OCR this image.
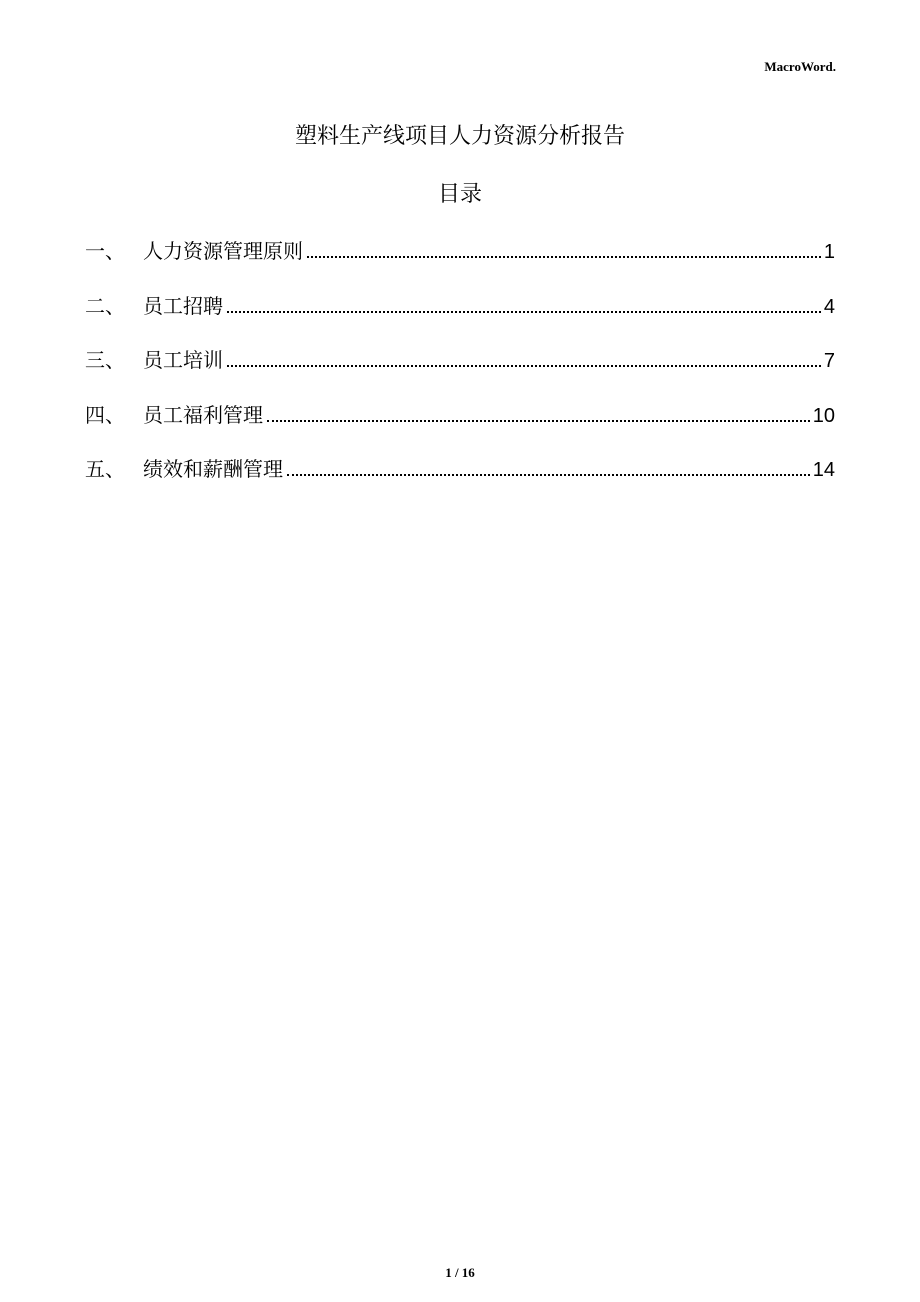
MacroWord.
塑料生产线项目人力资源分析报告
目录
一、 人力资源管理原则	1
二、 员工招聘	4
三、 员工培训	7
四、 员工福利管理	10
五、 绩效和薪酬管理	14
1 / 16
